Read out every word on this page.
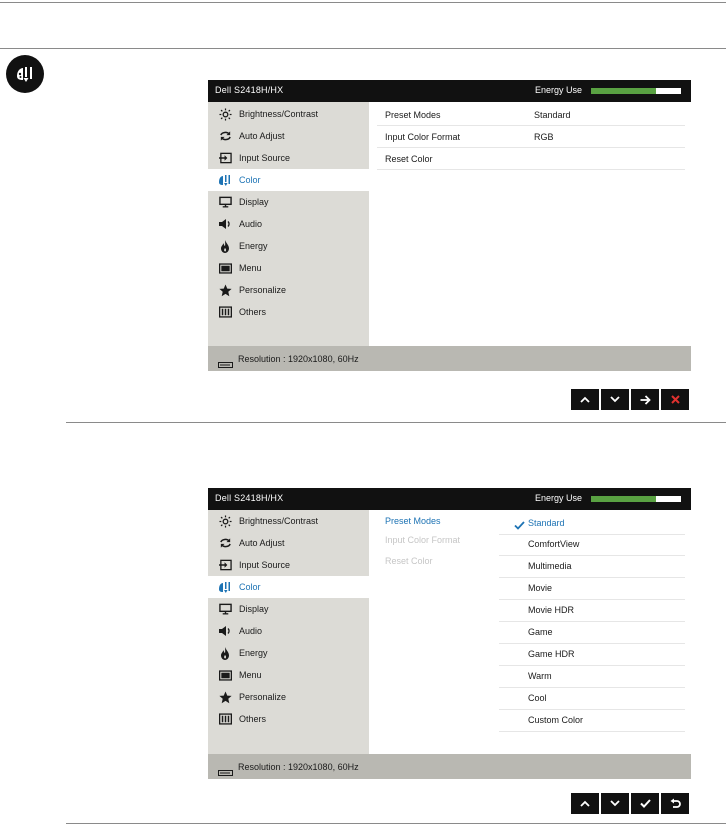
Dell S2418H/HX	Energy Use
Brightness/Contrast
Auto Adjust
Input Source
Color
Display
Audio
Energy
Menu
Personalize
Others
Preset Modes	Standard
Input Color Format	RGB
Reset Color
Resolution : 1920x1080, 60Hz
Dell S2418H/HX	Energy Use
Brightness/Contrast
Auto Adjust
Input Source
Color
Display
Audio
Energy
Menu
Personalize
Others
Preset Modes
Input Color Format
Reset Color
Standard
ComfortView
Multimedia
Movie
Movie HDR
Game
Game HDR
Warm
Cool
Custom Color
Resolution : 1920x1080, 60Hz
